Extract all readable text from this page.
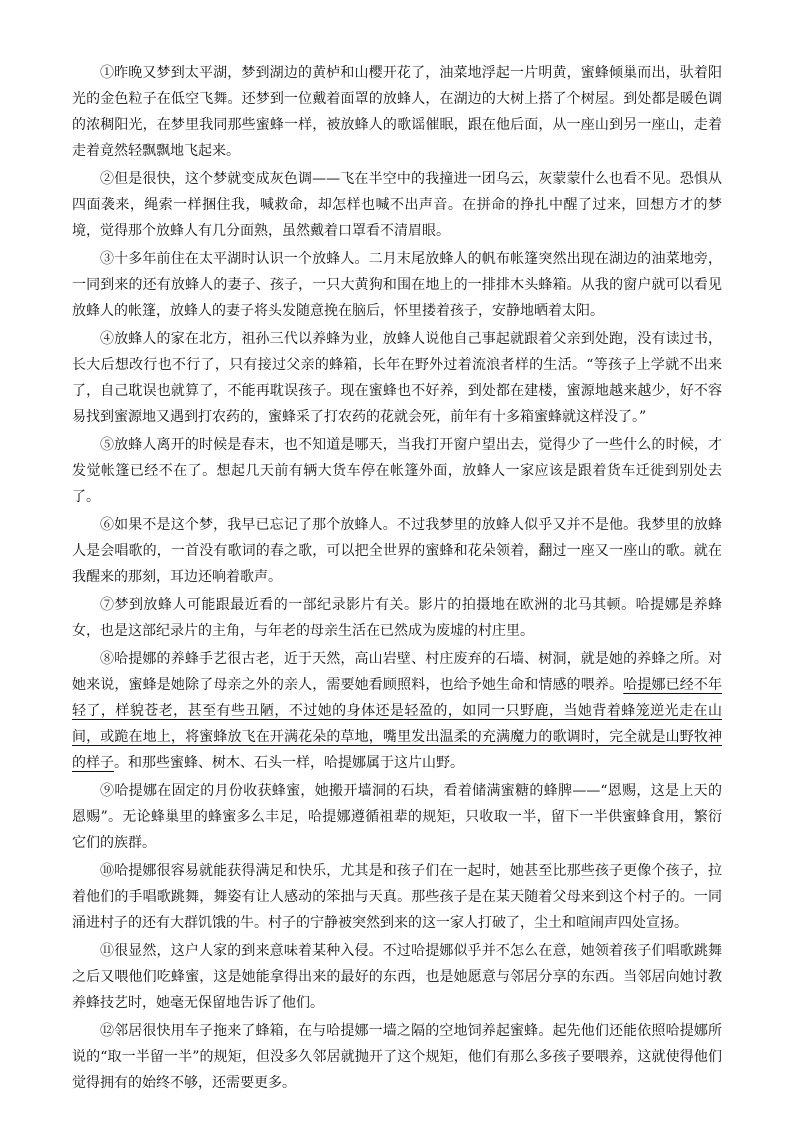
①昨晚又梦到太平湖，梦到湖边的黄栌和山樱开花了，油菜地浮起一片明黄，蜜蜂倾巢而出，驮着阳光的金色粒子在低空飞舞。还梦到一位戴着面罩的放蜂人，在湖边的大树上搭了个树屋。到处都是暖色调的浓稠阳光，在梦里我同那些蜜蜂一样，被放蜂人的歌谣催眠，跟在他后面，从一座山到另一座山，走着走着竟然轻飘飘地飞起来。

②但是很快，这个梦就变成灰色调——飞在半空中的我撞进一团乌云，灰蒙蒙什么也看不见。恐惧从四面袭来，绳索一样捆住我，喊救命，却怎样也喊不出声音。在拼命的挣扎中醒了过来，回想方才的梦境，觉得那个放蜂人有几分面熟，虽然戴着口罩看不清眉眼。

③十多年前住在太平湖时认识一个放蜂人。二月末尾放蜂人的帆布帐篷突然出现在湖边的油菜地旁，一同到来的还有放蜂人的妻子、孩子，一只大黄狗和围在地上的一排排木头蜂箱。从我的窗户就可以看见放蜂人的帐篷，放蜂人的妻子将头发随意挽在脑后，怀里搂着孩子，安静地晒着太阳。

④放蜂人的家在北方，祖孙三代以养蜂为业，放蜂人说他自己事起就跟着父亲到处跑，没有读过书，长大后想改行也不行了，只有接过父亲的蜂箱，长年在野外过着流浪者样的生活。“等孩子上学就不出来了，自己耽误也就算了，不能再耽误孩子。现在蜜蜂也不好养，到处都在建楼，蜜源地越来越少，好不容易找到蜜源地又遇到打农药的，蜜蜂采了打农药的花就会死，前年有十多箱蜜蜂就这样没了。”

⑤放蜂人离开的时候是春末，也不知道是哪天，当我打开窗户望出去，觉得少了一些什么的时候，才发觉帐篷已经不在了。想起几天前有辆大货车停在帐篷外面，放蜂人一家应该是跟着货车迁徙到别处去了。

⑥如果不是这个梦，我早已忘记了那个放蜂人。不过我梦里的放蜂人似乎又并不是他。我梦里的放蜂人是会唱歌的，一首没有歌词的春之歌，可以把全世界的蜜蜂和花朵领着，翻过一座又一座山的歌。就在我醒来的那刻，耳边还响着歌声。

⑦梦到放蜂人可能跟最近看的一部纪录影片有关。影片的拍摄地在欧洲的北马其顿。哈提娜是养蜂女，也是这部纪录片的主角，与年老的母亲生活在已然成为废墟的村庄里。

⑧哈提娜的养蜂手艺很古老，近于天然，高山岩壁、村庄废弃的石墙、树洞，就是她的养蜂之所。对她来说，蜜蜂是她除了母亲之外的亲人，需要她看顾照料，也给予她生命和情感的喂养。哈提娜已经不年轻了，样貌苍老，甚至有些丑陋，不过她的身体还是轻盈的，如同一只野鹿，当她背着蜂笼逆光走在山间，或跪在地上，将蜜蜂放飞在开满花朵的草地，嘴里发出温柔的充满魔力的歌调时，完全就是山野牧神的样子。和那些蜜蜂、树木、石头一样，哈提娜属于这片山野。

⑨哈提娜在固定的月份收获蜂蜜，她搬开墙洞的石块，看着储满蜜糖的蜂脾——“恩赐，这是上天的恩赐”。无论蜂巢里的蜂蜜多么丰足，哈提娜遵循祖辈的规矩，只收取一半，留下一半供蜜蜂食用，繁衍它们的族群。

⑩哈提娜很容易就能获得满足和快乐，尤其是和孩子们在一起时，她甚至比那些孩子更像个孩子，拉着他们的手唱歌跳舞，舞姿有让人感动的笨拙与天真。那些孩子是在某天随着父母来到这个村子的。一同涌进村子的还有大群饥饿的牛。村子的宁静被突然到来的这一家人打破了，尘土和喧闹声四处宣扬。

⑪很显然，这户人家的到来意味着某种入侵。不过哈提娜似乎并不怎么在意，她领着孩子们唱歌跳舞之后又喂他们吃蜂蜜，这是她能拿得出来的最好的东西，也是她愿意与邻居分享的东西。当邻居向她讨教养蜂技艺时，她毫无保留地告诉了他们。

⑫邻居很快用车子拖来了蜂箱，在与哈提娜一墙之隔的空地饲养起蜜蜂。起先他们还能依照哈提娜所说的“取一半留一半”的规矩，但没多久邻居就抛开了这个规矩，他们有那么多孩子要喂养，这就使得他们觉得拥有的始终不够，还需要更多。
